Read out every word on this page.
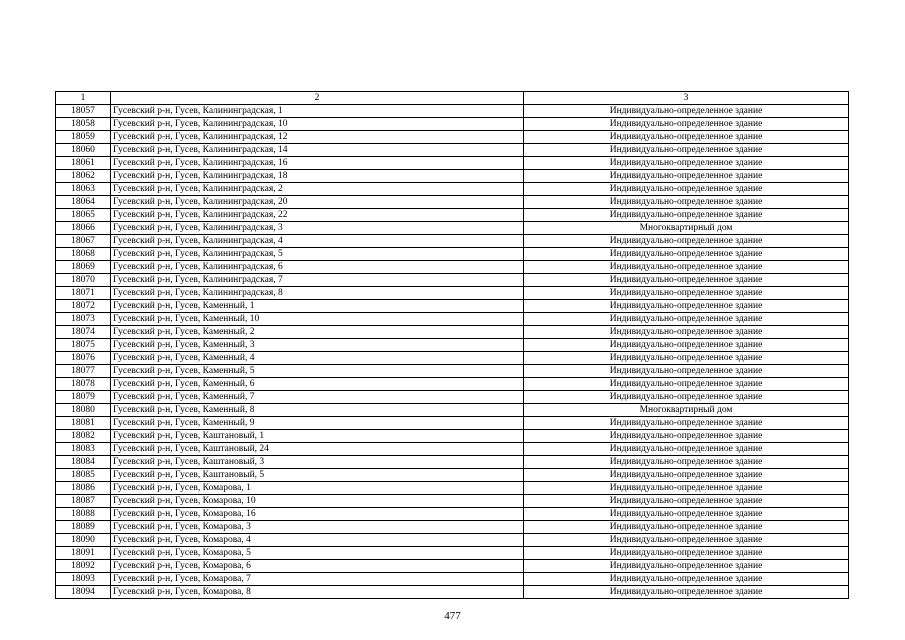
1	2	3
18057	Гусевский р-н, Гусев, Калининградская, 1	Индивидуально-определенное здание
18058	Гусевский р-н, Гусев, Калининградская, 10	Индивидуально-определенное здание
18059	Гусевский р-н, Гусев, Калининградская, 12	Индивидуально-определенное здание
18060	Гусевский р-н, Гусев, Калининградская, 14	Индивидуально-определенное здание
18061	Гусевский р-н, Гусев, Калининградская, 16	Индивидуально-определенное здание
18062	Гусевский р-н, Гусев, Калининградская, 18	Индивидуально-определенное здание
18063	Гусевский р-н, Гусев, Калининградская, 2	Индивидуально-определенное здание
18064	Гусевский р-н, Гусев, Калининградская, 20	Индивидуально-определенное здание
18065	Гусевский р-н, Гусев, Калининградская, 22	Индивидуально-определенное здание
18066	Гусевский р-н, Гусев, Калининградская, 3	Многоквартирный дом
18067	Гусевский р-н, Гусев, Калининградская, 4	Индивидуально-определенное здание
18068	Гусевский р-н, Гусев, Калининградская, 5	Индивидуально-определенное здание
18069	Гусевский р-н, Гусев, Калининградская, 6	Индивидуально-определенное здание
18070	Гусевский р-н, Гусев, Калининградская, 7	Индивидуально-определенное здание
18071	Гусевский р-н, Гусев, Калининградская, 8	Индивидуально-определенное здание
18072	Гусевский р-н, Гусев, Каменный, 1	Индивидуально-определенное здание
18073	Гусевский р-н, Гусев, Каменный, 10	Индивидуально-определенное здание
18074	Гусевский р-н, Гусев, Каменный, 2	Индивидуально-определенное здание
18075	Гусевский р-н, Гусев, Каменный, 3	Индивидуально-определенное здание
18076	Гусевский р-н, Гусев, Каменный, 4	Индивидуально-определенное здание
18077	Гусевский р-н, Гусев, Каменный, 5	Индивидуально-определенное здание
18078	Гусевский р-н, Гусев, Каменный, 6	Индивидуально-определенное здание
18079	Гусевский р-н, Гусев, Каменный, 7	Индивидуально-определенное здание
18080	Гусевский р-н, Гусев, Каменный, 8	Многоквартирный дом
18081	Гусевский р-н, Гусев, Каменный, 9	Индивидуально-определенное здание
18082	Гусевский р-н, Гусев, Каштановый, 1	Индивидуально-определенное здание
18083	Гусевский р-н, Гусев, Каштановый, 24	Индивидуально-определенное здание
18084	Гусевский р-н, Гусев, Каштановый, 3	Индивидуально-определенное здание
18085	Гусевский р-н, Гусев, Каштановый, 5	Индивидуально-определенное здание
18086	Гусевский р-н, Гусев, Комарова, 1	Индивидуально-определенное здание
18087	Гусевский р-н, Гусев, Комарова, 10	Индивидуально-определенное здание
18088	Гусевский р-н, Гусев, Комарова, 16	Индивидуально-определенное здание
18089	Гусевский р-н, Гусев, Комарова, 3	Индивидуально-определенное здание
18090	Гусевский р-н, Гусев, Комарова, 4	Индивидуально-определенное здание
18091	Гусевский р-н, Гусев, Комарова, 5	Индивидуально-определенное здание
18092	Гусевский р-н, Гусев, Комарова, 6	Индивидуально-определенное здание
18093	Гусевский р-н, Гусев, Комарова, 7	Индивидуально-определенное здание
18094	Гусевский р-н, Гусев, Комарова, 8	Индивидуально-определенное здание
477
